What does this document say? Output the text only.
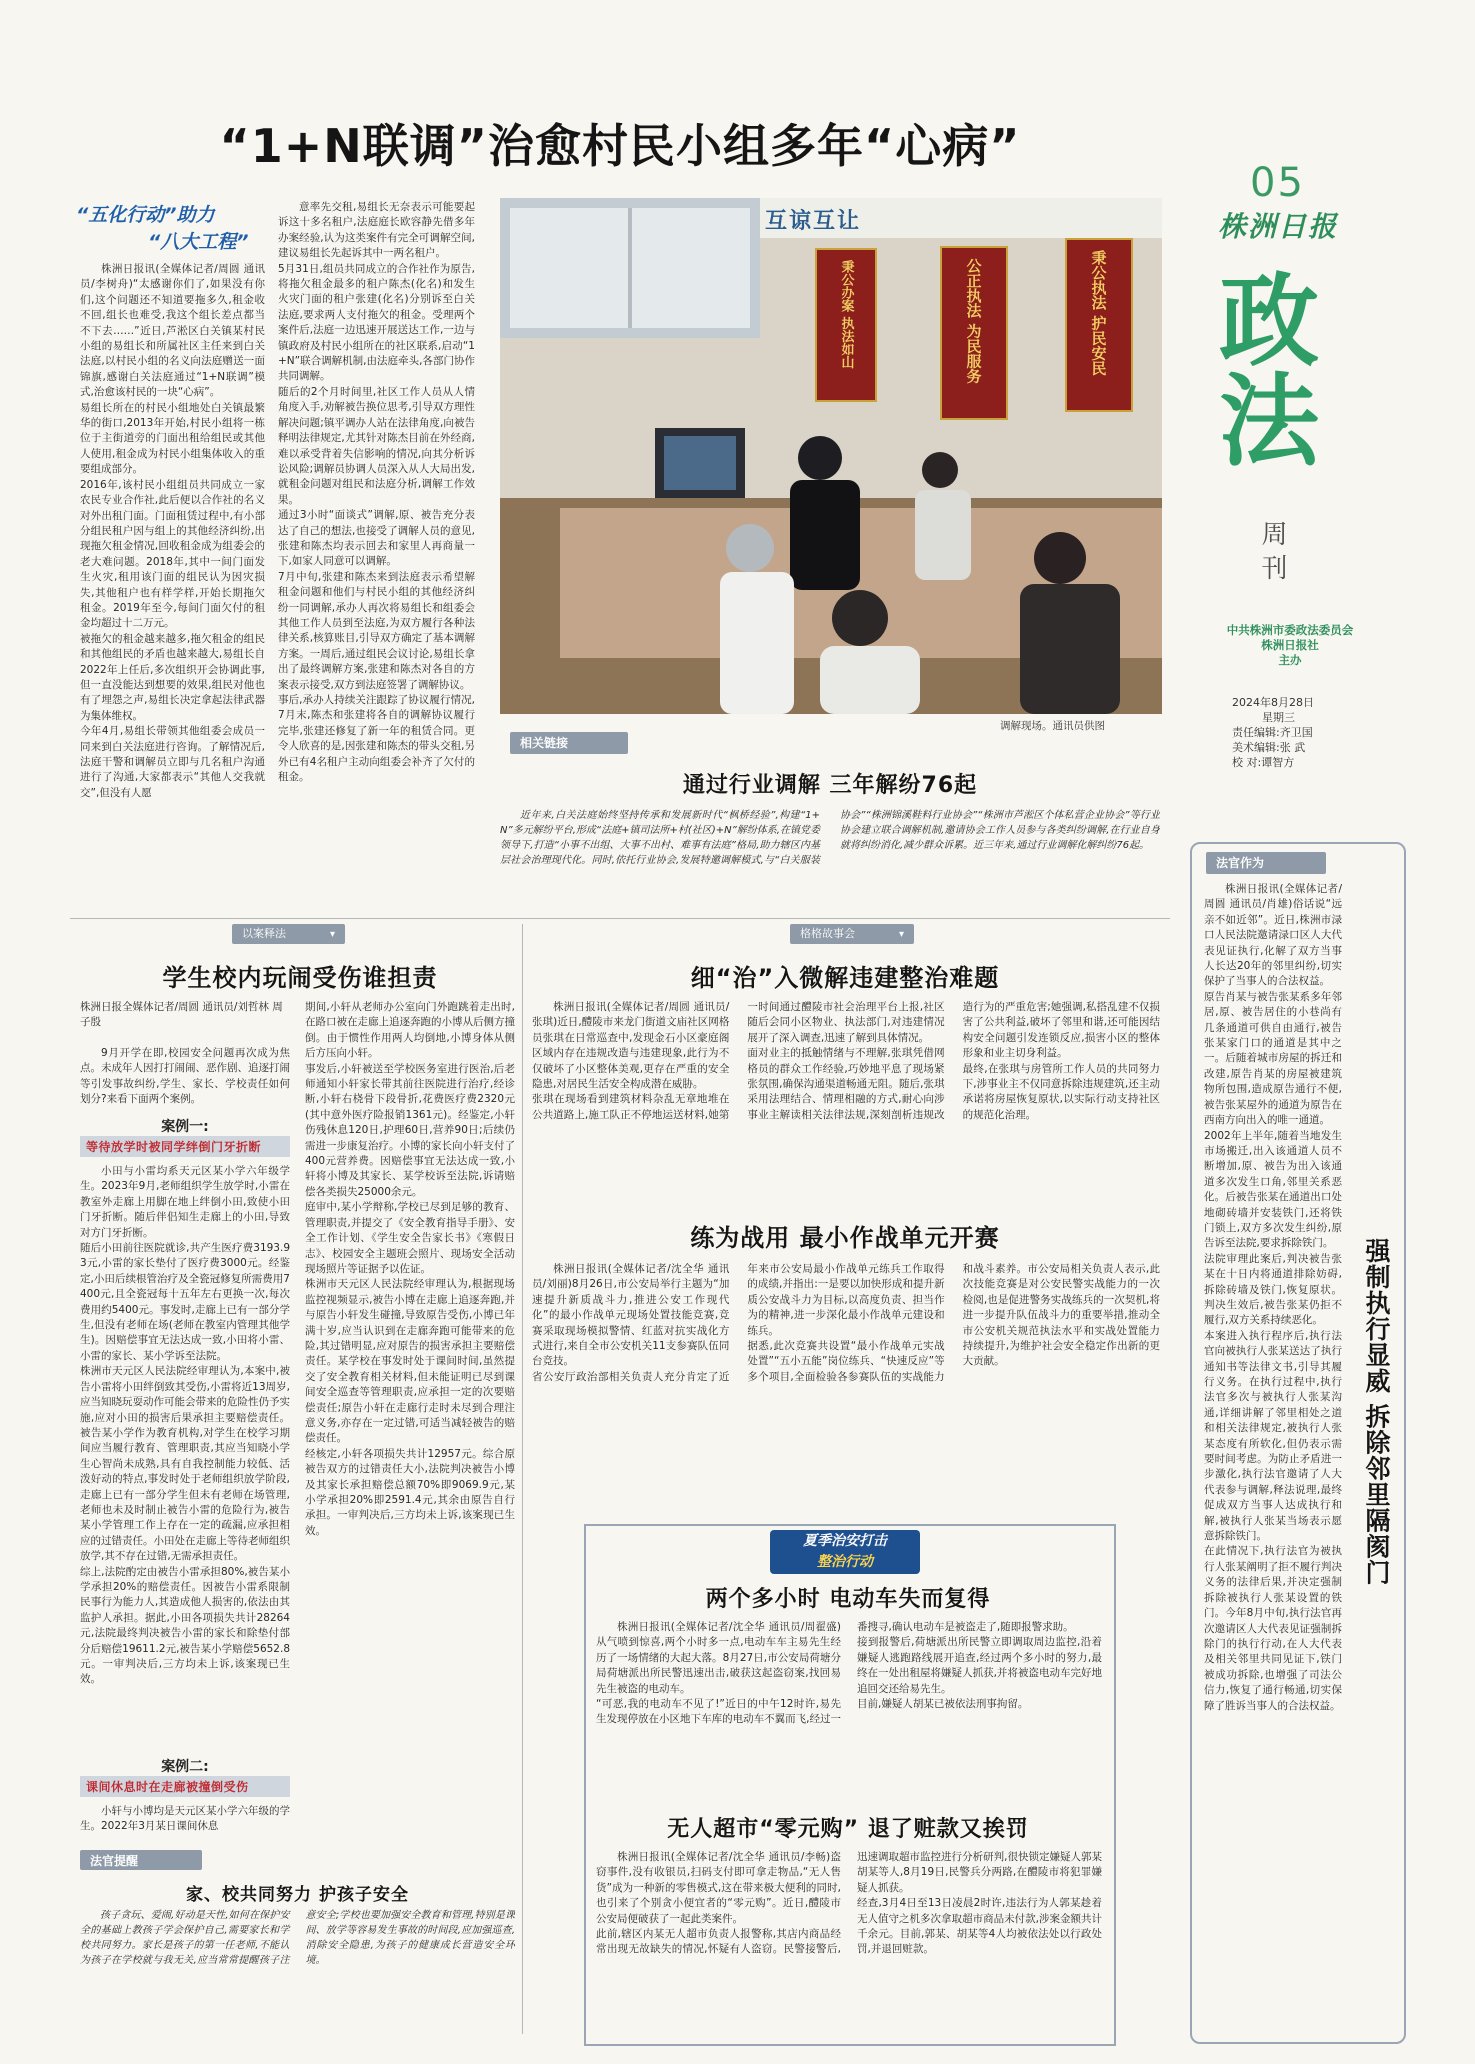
05
株洲日报
政法
周刊
中共株洲市委政法委员会
株洲日报社
主办
2024年8月28日
星期三
责任编辑:齐卫国
美术编辑:张 武
校 对:谭智方
“1+N联调”治愈村民小组多年“心病”
“五化行动”助力
“八大工程”
株洲日报讯(全媒体记者/周圆 通讯员/李树舟)“太感谢你们了,如果没有你们,这个问题还不知道要拖多久,租金收不回,组长也难受,我这个组长差点都当不下去……”近日,芦淞区白关镇某村民小组的易组长和所属社区主任来到白关法庭,以村民小组的名义向法庭赠送一面锦旗,感谢白关法庭通过“1+N联调”模式,治愈该村民的一块“心病”。
易组长所在的村民小组地处白关镇最繁华的街口,2013年开始,村民小组将一栋位于主街道旁的门面出租给组民或其他人使用,租金成为村民小组集体收入的重要组成部分。
2016年,该村民小组组员共同成立一家农民专业合作社,此后便以合作社的名义对外出租门面。门面租赁过程中,有小部分组民租户因与组上的其他经济纠纷,出现拖欠租金情况,回收租金成为组委会的老大难问题。2018年,其中一间门面发生火灾,租用该门面的组民认为因灾损失,其他租户也有样学样,开始长期拖欠租金。2019年至今,每间门面欠付的租金均超过十二万元。
被拖欠的租金越来越多,拖欠租金的组民和其他组民的矛盾也越来越大,易组长自2022年上任后,多次组织开会协调此事,但一直没能达到想要的效果,组民对他也有了埋怨之声,易组长决定拿起法律武器为集体维权。
今年4月,易组长带领其他组委会成员一同来到白关法庭进行咨询。了解情况后,法庭干警和调解员立即与几名租户沟通进行了沟通,大家都表示“其他人交我就交”,但没有人愿
意率先交租,易组长无奈表示可能要起诉这十多名租户,法庭庭长欧容静先借多年办案经验,认为这类案件有完全可调解空间,建议易组长先起诉其中一两名租户。
5月31日,组员共同成立的合作社作为原告,将拖欠租金最多的租户陈杰(化名)和发生火灾门面的租户张建(化名)分别诉至白关法庭,要求两人支付拖欠的租金。受理两个案件后,法庭一边迅速开展送达工作,一边与镇政府及村民小组所在的社区联系,启动“1+N”联合调解机制,由法庭牵头,各部门协作共同调解。
随后的2个月时间里,社区工作人员从人情角度入手,劝解被告换位思考,引导双方理性解决问题;镇平调办人站在法律角度,向被告释明法律规定,尤其针对陈杰目前在外经商,难以承受背着失信影响的情况,向其分析诉讼风险;调解员协调人员深入从人大局出发,就租金问题对组民和法庭分析,调解工作效果。
通过3小时“面谈式”调解,原、被告充分表达了自己的想法,也接受了调解人员的意见,张建和陈杰均表示回去和家里人再商量一下,如家人同意可以调解。
7月中旬,张建和陈杰来到法庭表示希望解租金问题和他们与村民小组的其他经济纠纷一同调解,承办人再次将易组长和组委会其他工作人员到至法庭,为双方履行各种法律关系,核算账目,引导双方确定了基本调解方案。一周后,通过组民会议讨论,易组长拿出了最终调解方案,张建和陈杰对各自的方案表示接受,双方到法庭签署了调解协议。
事后,承办人持续关注跟踪了协议履行情况,7月末,陈杰和张建将各自的调解协议履行完毕,张建还修复了新一年的租赁合同。更令人欣喜的是,因张建和陈杰的带头交租,另外已有4名租户主动向组委会补齐了欠付的租金。
互谅互让
秉公办案 执法如山	公正执法 为民服务	秉公执法 护民安民
调解现场。通讯员供图
相关链接
通过行业调解 三年解纷76起
近年来,白关法庭始终坚持传承和发展新时代“枫桥经验”,构建“1+N”多元解纷平台,形成“法庭+镇司法所+村(社区)+N”解纷体系,在镇党委领导下,打造“小事不出组、大事不出村、难事有法庭”格局,助力辖区内基层社会治理现代化。同时,依托行业协会,发展特邀调解模式,与“白关服装协会”“株洲锦溪鞋料行业协会”“株洲市芦淞区个体私营企业协会”等行业协会建立联合调解机制,邀请协会工作人员参与各类纠纷调解,在行业自身就将纠纷消化,减少群众诉累。近三年来,通过行业调解化解纠纷76起。
以案释法 ▾
学生校内玩闹受伤谁担责
株洲日报全媒体记者/周圆 通讯员/刘哲林 周子殷
9月开学在即,校园安全问题再次成为焦点。未成年人因打打闹闹、恶作剧、追逐打闹等引发事故纠纷,学生、家长、学校责任如何划分?来看下面两个案例。
案例一:
等待放学时被同学绊倒门牙折断
小田与小雷均系天元区某小学六年级学生。2023年9月,老师组织学生放学时,小雷在教室外走廊上用脚在地上绊倒小田,致使小田门牙折断。随后伴侣知生走廊上的小田,导致对方门牙折断。
随后小田前往医院就诊,共产生医疗费3193.93元,小雷的家长垫付了医疗费3000元。经鉴定,小田后续根管治疗及全瓷冠修复所需费用7400元,且全瓷冠每十五年左右更换一次,每次费用约5400元。事发时,走廊上已有一部分学生,但没有老师在场(老师在教室内管理其他学生)。因赔偿事宜无法达成一致,小田将小雷、小雷的家长、某小学诉至法院。
株洲市天元区人民法院经审理认为,本案中,被告小雷将小田绊倒致其受伤,小雷将近13周岁,应当知晓玩耍动作可能会带来的危险性仍予实施,应对小田的损害后果承担主要赔偿责任。被告某小学作为教育机构,对学生在校学习期间应当履行教育、管理职责,其应当知晓小学生心智尚未成熟,具有自我控制能力较低、活泼好动的特点,事发时处于老师组织放学阶段,走廊上已有一部分学生但未有老师在场管理,老师也未及时制止被告小雷的危险行为,被告某小学管理工作上存在一定的疏漏,应承担相应的过错责任。小田处在走廊上等待老师组织放学,其不存在过错,无需承担责任。
综上,法院酌定由被告小雷承担80%,被告某小学承担20%的赔偿责任。因被告小雷系限制民事行为能力人,其造成他人损害的,依法由其监护人承担。据此,小田各项损失共计28264元,法院最终判决被告小雷的家长和除垫付部分后赔偿19611.2元,被告某小学赔偿5652.8元。一审判决后,三方均未上诉,该案现已生效。
案例二:
课间休息时在走廊被撞倒受伤
小轩与小博均是天元区某小学六年级的学生。2022年3月某日课间休息
期间,小轩从老师办公室向门外跑跳着走出时,在路口被在走廊上追逐奔跑的小博从后侧方撞倒。由于惯性作用两人均倒地,小博身体从侧后方压向小轩。
事发后,小轩被送至学校医务室进行医治,后老师通知小轩家长带其前往医院进行治疗,经诊断,小轩右桡骨下段骨折,花费医疗费2320元(其中意外医疗险报销1361元)。经鉴定,小轩伤残休息120日,护理60日,营养90日;后续仍需进一步康复治疗。小博的家长向小轩支付了400元营养费。因赔偿事宜无法达成一致,小轩将小博及其家长、某学校诉至法院,诉请赔偿各类损失25000余元。
庭审中,某小学辩称,学校已尽到足够的教育、管理职责,并提交了《安全教育指导手册》、安全工作计划、《学生安全告家长书》《寒假日志》、校园安全主题班会照片、现场安全活动现场照片等证据予以佐证。
株洲市天元区人民法院经审理认为,根据现场监控视频显示,被告小博在走廊上追逐奔跑,并与原告小轩发生碰撞,导致原告受伤,小博已年满十岁,应当认识到在走廊奔跑可能带来的危险,其过错明显,应对原告的损害承担主要赔偿责任。某学校在事发时处于课间时间,虽然提交了安全教育相关材料,但未能证明已尽到课间安全巡查等管理职责,应承担一定的次要赔偿责任;原告小轩在走廊行走时未尽到合理注意义务,亦存在一定过错,可适当减轻被告的赔偿责任。
经核定,小轩各项损失共计12957元。综合原被告双方的过错责任大小,法院判决被告小博及其家长承担赔偿总额70%即9069.9元,某小学承担20%即2591.4元,其余由原告自行承担。一审判决后,三方均未上诉,该案现已生效。
法官提醒
家、校共同努力 护孩子安全
孩子贪玩、爱闹,好动是天性,如何在保护安全的基础上教孩子学会保护自己,需要家长和学校共同努力。家长是孩子的第一任老师,不能认为孩子在学校就与我无关,应当常常提醒孩子注意安全;学校也要加强安全教育和管理,特别是课间、放学等容易发生事故的时间段,应加强巡查,消除安全隐患,为孩子的健康成长营造安全环境。
格格故事会 ▾
细“治”入微解违建整治难题
株洲日报讯(全媒体记者/周圆 通讯员/张琪)近日,醴陵市来龙门街道文庙社区网格员张琪在日常巡查中,发现金石小区豪庭阁区域内存在违规改造与违建现象,此行为不仅破坏了小区整体美观,更存在严重的安全隐患,对居民生活安全构成潜在威胁。
张琪在现场看到建筑材料杂乱无章地堆在公共道路上,施工队正不停地运送材料,她第一时间通过醴陵市社会治理平台上报,社区随后会同小区物业、执法部门,对违建情况展开了深入调查,迅速了解到具体情况。
面对业主的抵触情绪与不理解,张琪凭借网格员的群众工作经验,巧妙地平息了现场紧张氛围,确保沟通渠道畅通无阻。随后,张琪采用法理结合、情理相融的方式,耐心向涉事业主解读相关法律法规,深刻剖析违规改造行为的严重危害;她强调,私搭乱建不仅损害了公共利益,破坏了邻里和谐,还可能因结构安全问题引发连锁反应,损害小区的整体形象和业主切身利益。
最终,在张琪与房管所工作人员的共同努力下,涉事业主不仅同意拆除违规建筑,还主动承诺将房屋恢复原状,以实际行动支持社区的规范化治理。
练为战用 最小作战单元开赛
株洲日报讯(全媒体记者/沈全华 通讯员/刘丽)8月26日,市公安局举行主题为“加速提升新质战斗力,推进公安工作现代化”的最小作战单元现场处置技能竞赛,竞赛采取现场模拟警情、红蓝对抗实战化方式进行,来自全市公安机关11支参赛队伍同台竞技。
省公安厅政治部相关负责人充分肯定了近年来市公安局最小作战单元练兵工作取得的成绩,并指出:一是要以加快形成和提升新质公安战斗力为目标,以高度负责、担当作为的精神,进一步深化最小作战单元建设和练兵。
据悉,此次竞赛共设置“最小作战单元实战处置”“五小五能”岗位练兵、“快速反应”等多个项目,全面检验各参赛队伍的实战能力和战斗素养。市公安局相关负责人表示,此次技能竞赛是对公安民警实战能力的一次检阅,也是促进警务实战练兵的一次契机,将进一步提升队伍战斗力的重要举措,推动全市公安机关规范执法水平和实战处置能力持续提升,为维护社会安全稳定作出新的更大贡献。
夏季治安打击
整治行动
两个多小时 电动车失而复得
株洲日报讯(全媒体记者/沈全华 通讯员/周翟盛)从气喷到惊喜,两个小时多一点,电动车车主易先生经历了一场情绪的大起大落。8月27日,市公安局荷塘分局荷塘派出所民警迅速出击,破获这起盗窃案,找回易先生被盗的电动车。
“可恶,我的电动车不见了!”近日的中午12时许,易先生发现停放在小区地下车库的电动车不翼而飞,经过一番搜寻,确认电动车是被盗走了,随即报警求助。
接到报警后,荷塘派出所民警立即调取周边监控,沿着嫌疑人逃跑路线展开追查,经过两个多小时的努力,最终在一处出租屋将嫌疑人抓获,并将被盗电动车完好地追回交还给易先生。
目前,嫌疑人胡某已被依法刑事拘留。
无人超市“零元购” 退了赃款又挨罚
株洲日报讯(全媒体记者/沈全华 通讯员/李畅)盗窃事件,没有收银员,扫码支付即可拿走物品,“无人售货”成为一种新的零售模式,这在带来极大便利的同时,也引来了个别贪小便宜者的“零元购”。近日,醴陵市公安局便破获了一起此类案件。
此前,辖区内某无人超市负责人报警称,其店内商品经常出现无故缺失的情况,怀疑有人盗窃。民警接警后,迅速调取超市监控进行分析研判,很快锁定嫌疑人郭某胡某等人,8月19日,民警兵分两路,在醴陵市将犯罪嫌疑人抓获。
经查,3月4日至13日凌晨2时许,违法行为人郭某趁着无人值守之机多次拿取超市商品未付款,涉案金额共计千余元。目前,郭某、胡某等4人均被依法处以行政处罚,并退回赃款。
法官作为
强制执行显威 拆除邻里隔阂门
株洲日报讯(全媒体记者/周圆 通讯员/肖雄)俗话说“远亲不如近邻”。近日,株洲市渌口人民法院邀请渌口区人大代表见证执行,化解了双方当事人长达20年的邻里纠纷,切实保护了当事人的合法权益。
原告肖某与被告张某系多年邻居,原、被告居住的小巷尚有几条通道可供自由通行,被告张某家门口的通道是其中之一。后随着城市房屋的拆迁和改建,原告肖某的房屋被建筑物所包围,造成原告通行不便,被告张某屋外的通道为原告在西南方向出入的唯一通道。
2002年上半年,随着当地发生市场搬迁,出入该通道人员不断增加,原、被告为出入该通道多次发生口角,邻里关系恶化。后被告张某在通道出口处地砌砖墙并安装铁门,还将铁门锁上,双方多次发生纠纷,原告诉至法院,要求拆除铁门。
法院审理此案后,判决被告张某在十日内将通道排除妨碍,拆除砖墙及铁门,恢复原状。判决生效后,被告张某仍拒不履行,双方关系持续恶化。
本案进入执行程序后,执行法官向被执行人张某送达了执行通知书等法律文书,引导其履行义务。在执行过程中,执行法官多次与被执行人张某沟通,详细讲解了邻里相处之道和相关法律规定,被执行人张某态度有所软化,但仍表示需要时间考虑。为防止矛盾进一步激化,执行法官邀请了人大代表参与调解,释法说理,最终促成双方当事人达成执行和解,被执行人张某当场表示愿意拆除铁门。
在此情况下,执行法官为被执行人张某阐明了拒不履行判决义务的法律后果,并决定强制拆除被执行人张某设置的铁门。今年8月中旬,执行法官再次邀请区人大代表见证强制拆除门的执行行动,在人大代表及相关邻里共同见证下,铁门被成功拆除,也增强了司法公信力,恢复了通行畅通,切实保障了胜诉当事人的合法权益。
